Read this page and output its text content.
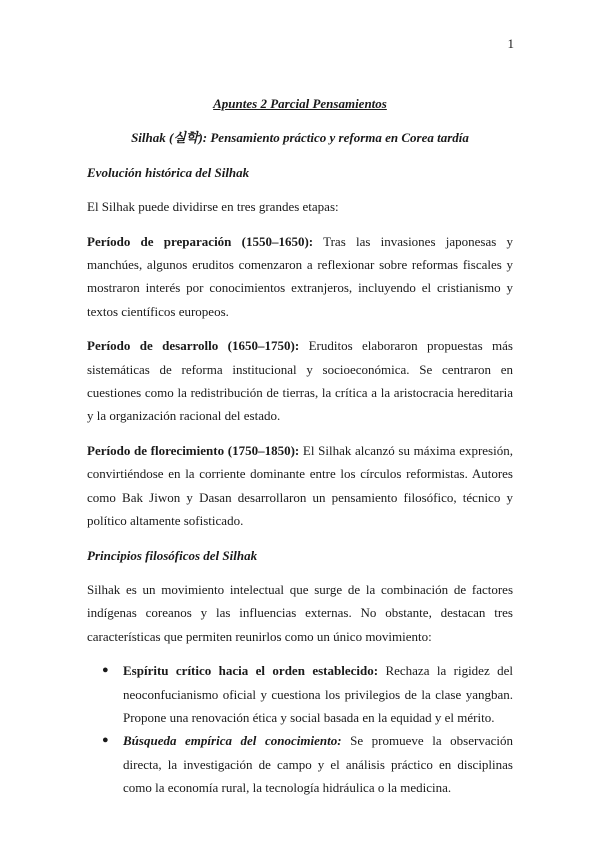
1
Apuntes 2 Parcial Pensamientos
Silhak (실학): Pensamiento práctico y reforma en Corea tardía
Evolución histórica del Silhak

El Silhak puede dividirse en tres grandes etapas:

Período de preparación (1550–1650): Tras las invasiones japonesas y manchúes, algunos eruditos comenzaron a reflexionar sobre reformas fiscales y mostraron interés por conocimientos extranjeros, incluyendo el cristianismo y textos científicos europeos.

Período de desarrollo (1650–1750): Eruditos elaboraron propuestas más sistemáticas de reforma institucional y socioeconómica. Se centraron en cuestiones como la redistribución de tierras, la crítica a la aristocracia hereditaria y la organización racional del estado.

Período de florecimiento (1750–1850): El Silhak alcanzó su máxima expresión, convirtiéndose en la corriente dominante entre los círculos reformistas. Autores como Bak Jiwon y Dasan desarrollaron un pensamiento filosófico, técnico y político altamente sofisticado.

Principios filosóficos del Silhak

Silhak es un movimiento intelectual que surge de la combinación de factores indígenas coreanos y las influencias externas. No obstante, destacan tres características que permiten reunirlos como un único movimiento:

● Espíritu crítico hacia el orden establecido: Rechaza la rigidez del neoconfucianismo oficial y cuestiona los privilegios de la clase yangban. Propone una renovación ética y social basada en la equidad y el mérito.
● Búsqueda empírica del conocimiento: Se promueve la observación directa, la investigación de campo y el análisis práctico en disciplinas como la economía rural, la tecnología hidráulica o la medicina.
